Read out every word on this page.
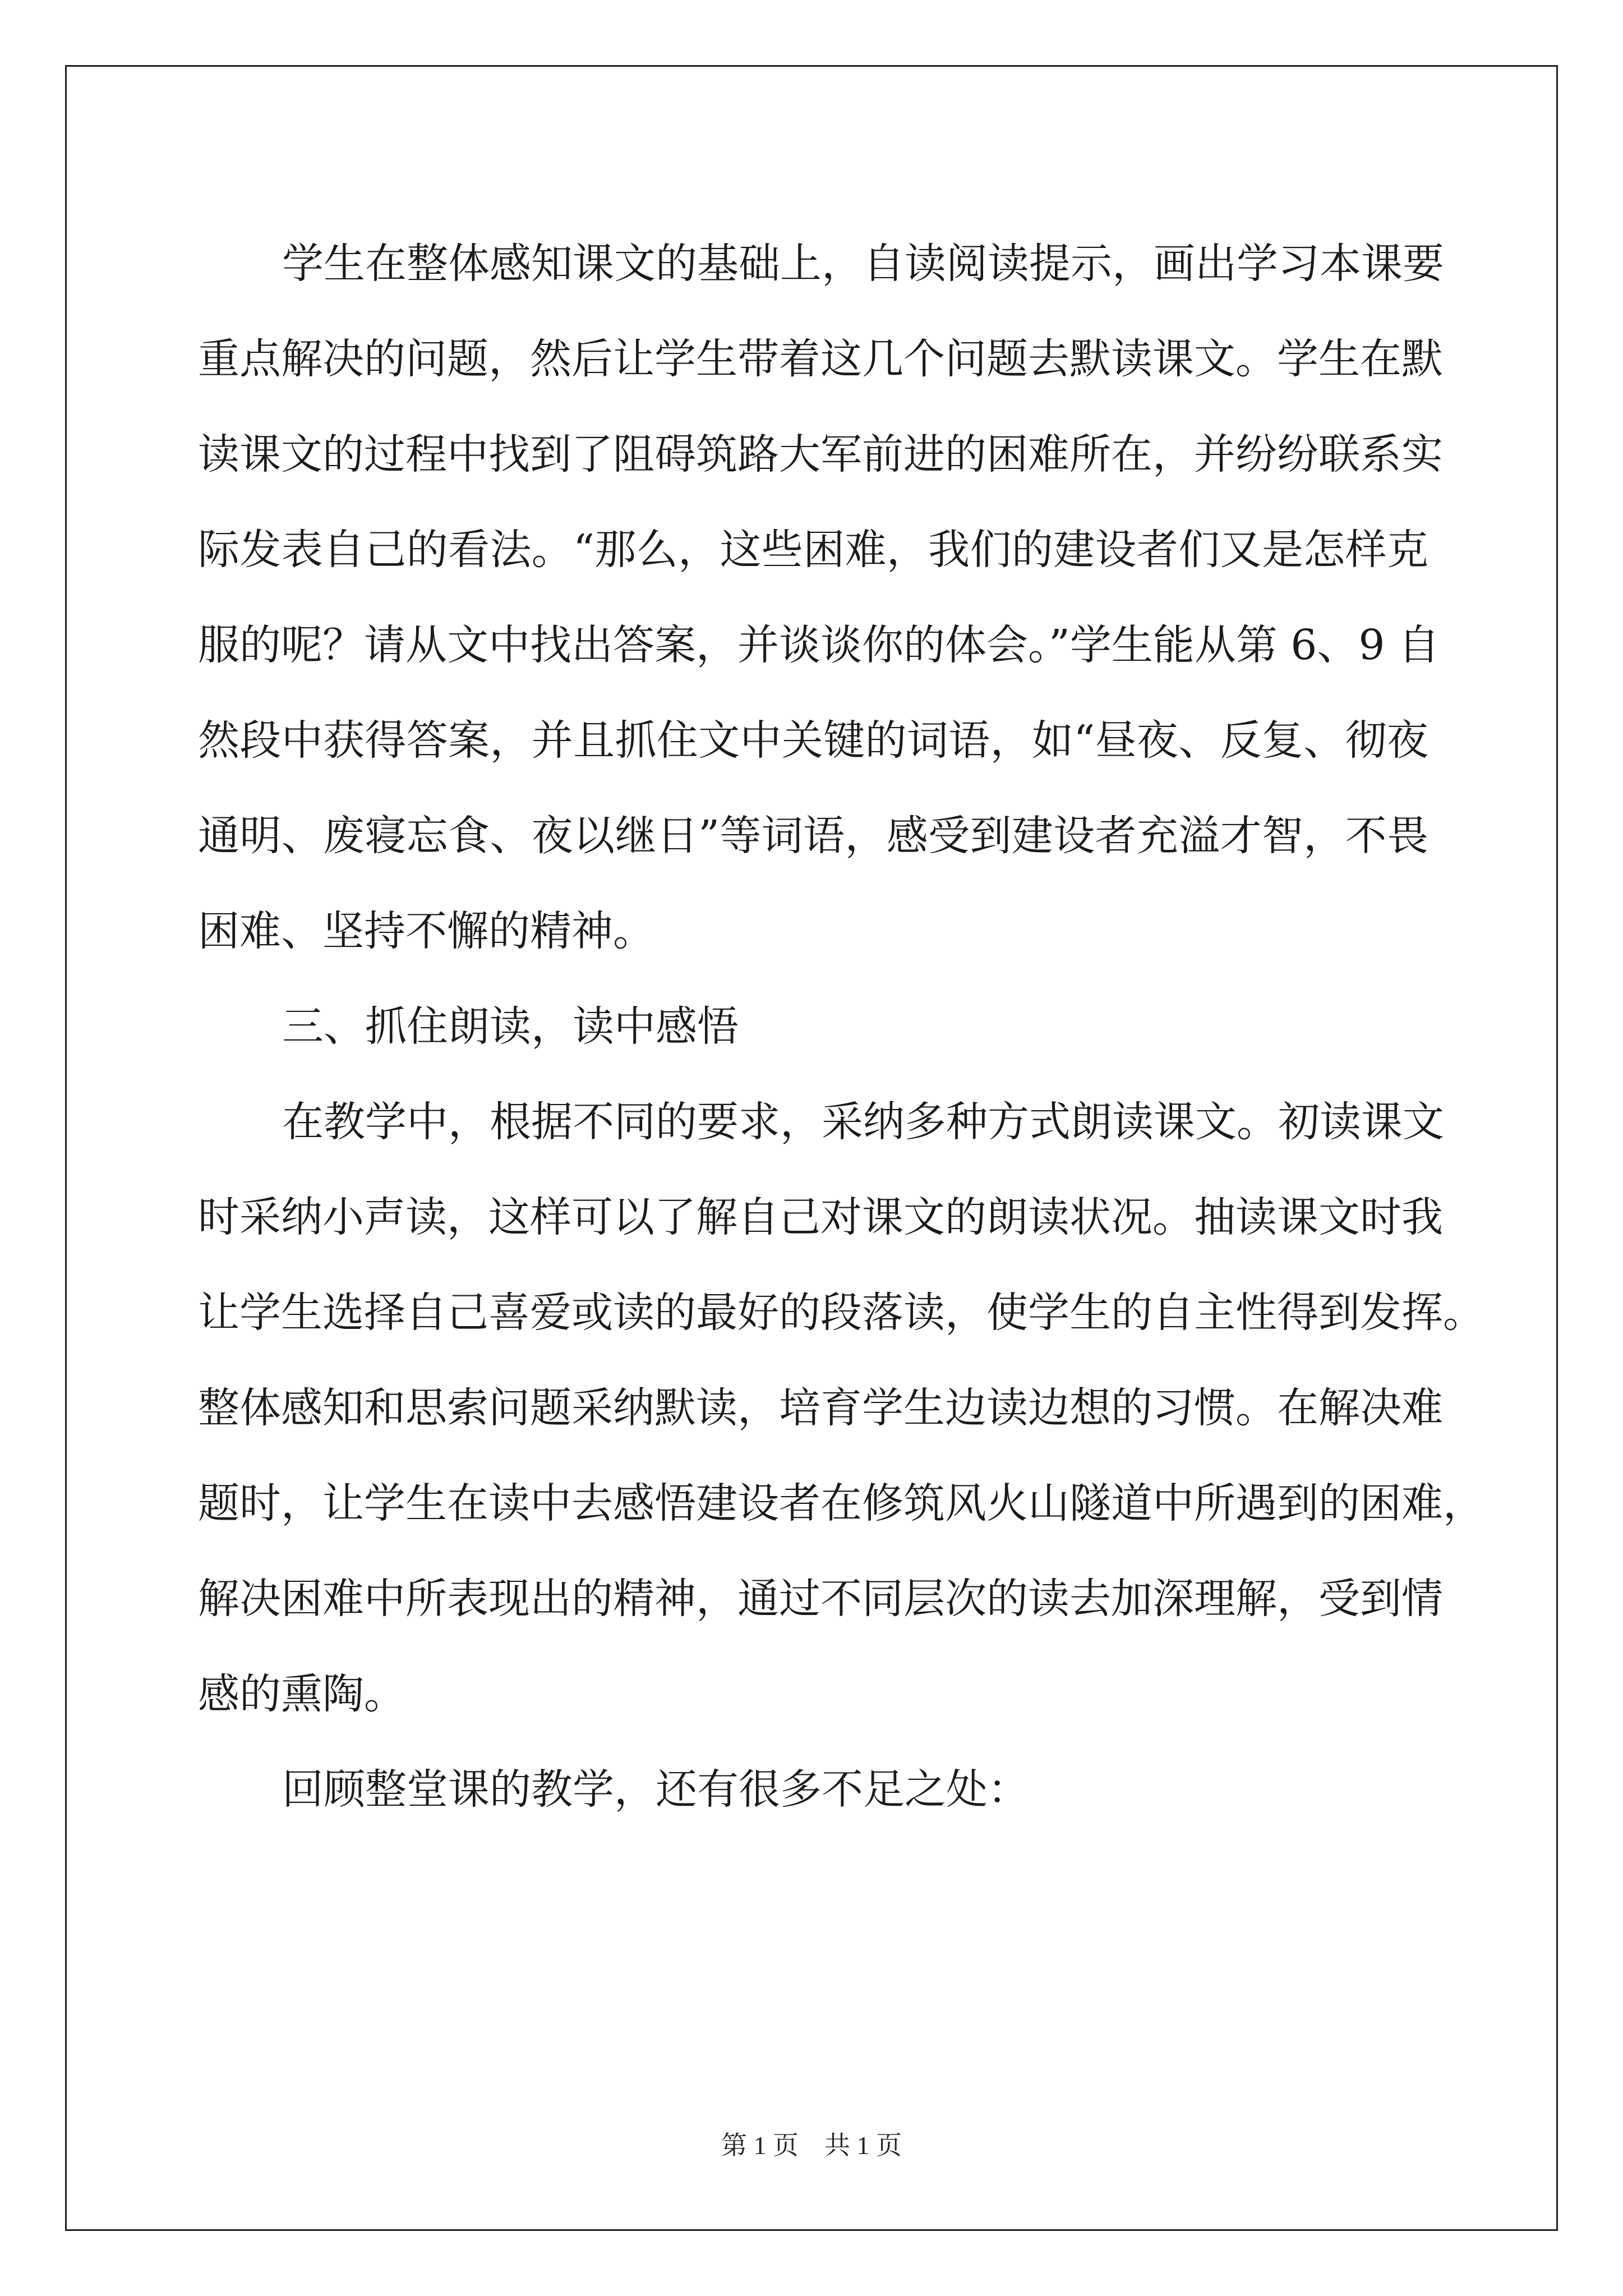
学生在整体感知课文的基础上，自读阅读提示，画出学习本课要
重点解决的问题，然后让学生带着这几个问题去默读课文。学生在默
读课文的过程中找到了阻碍筑路大军前进的困难所在，并纷纷联系实
际发表自己的看法。“那么，这些困难，我们的建设者们又是怎样克
服的呢？请从文中找出答案，并谈谈你的体会。”学生能从第 6、9 自
然段中获得答案，并且抓住文中关键的词语，如“昼夜、反复、彻夜
通明、废寝忘食、夜以继日”等词语，感受到建设者充溢才智，不畏
困难、坚持不懈的精神。
三、抓住朗读，读中感悟
在教学中，根据不同的要求，采纳多种方式朗读课文。初读课文
时采纳小声读，这样可以了解自己对课文的朗读状况。抽读课文时我
让学生选择自己喜爱或读的最好的段落读，使学生的自主性得到发挥。
整体感知和思索问题采纳默读，培育学生边读边想的习惯。在解决难
题时，让学生在读中去感悟建设者在修筑风火山隧道中所遇到的困难，
解决困难中所表现出的精神，通过不同层次的读去加深理解，受到情
感的熏陶。
回顾整堂课的教学，还有很多不足之处：
第 1 页 共 1 页
